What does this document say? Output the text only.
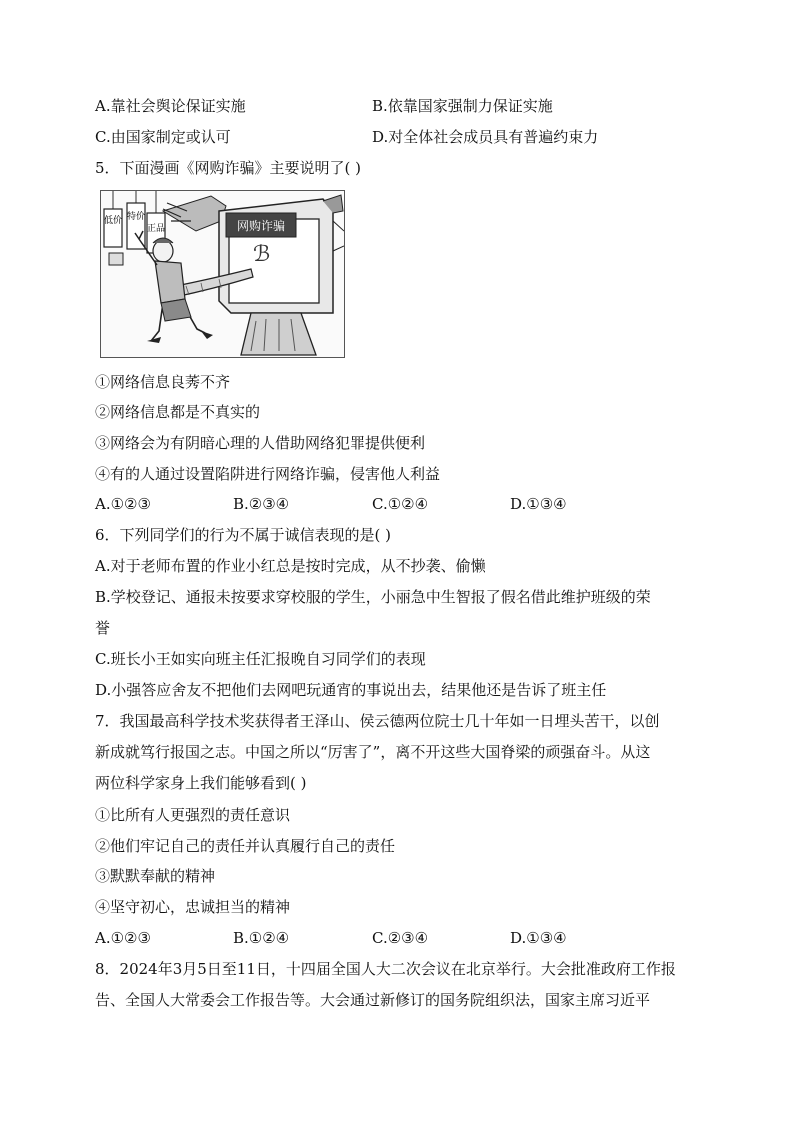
A.靠社会舆论保证实施	B.依靠国家强制力保证实施
C.由国家制定或认可	D.对全体社会成员具有普遍约束力
5．下面漫画《网购诈骗》主要说明了( )
低价 特价
正品	网购诈骗
ℬ
①网络信息良莠不齐
②网络信息都是不真实的
③网络会为有阴暗心理的人借助网络犯罪提供便利
④有的人通过设置陷阱进行网络诈骗，侵害他人利益
A.①②③	B.②③④	C.①②④	D.①③④
6．下列同学们的行为不属于诚信表现的是( )
A.对于老师布置的作业小红总是按时完成，从不抄袭、偷懒
B.学校登记、通报未按要求穿校服的学生，小丽急中生智报了假名借此维护班级的荣
誉
C.班长小王如实向班主任汇报晚自习同学们的表现
D.小强答应舍友不把他们去网吧玩通宵的事说出去，结果他还是告诉了班主任
7．我国最高科学技术奖获得者王泽山、侯云德两位院士几十年如一日埋头苦干，以创
新成就笃行报国之志。中国之所以“厉害了”，离不开这些大国脊梁的顽强奋斗。从这
两位科学家身上我们能够看到( )
①比所有人更强烈的责任意识
②他们牢记自己的责任并认真履行自己的责任
③默默奉献的精神
④坚守初心，忠诚担当的精神
A.①②③	B.①②④	C.②③④	D.①③④
8．2024年3月5日至11日，十四届全国人大二次会议在北京举行。大会批准政府工作报
告、全国人大常委会工作报告等。大会通过新修订的国务院组织法，国家主席习近平
